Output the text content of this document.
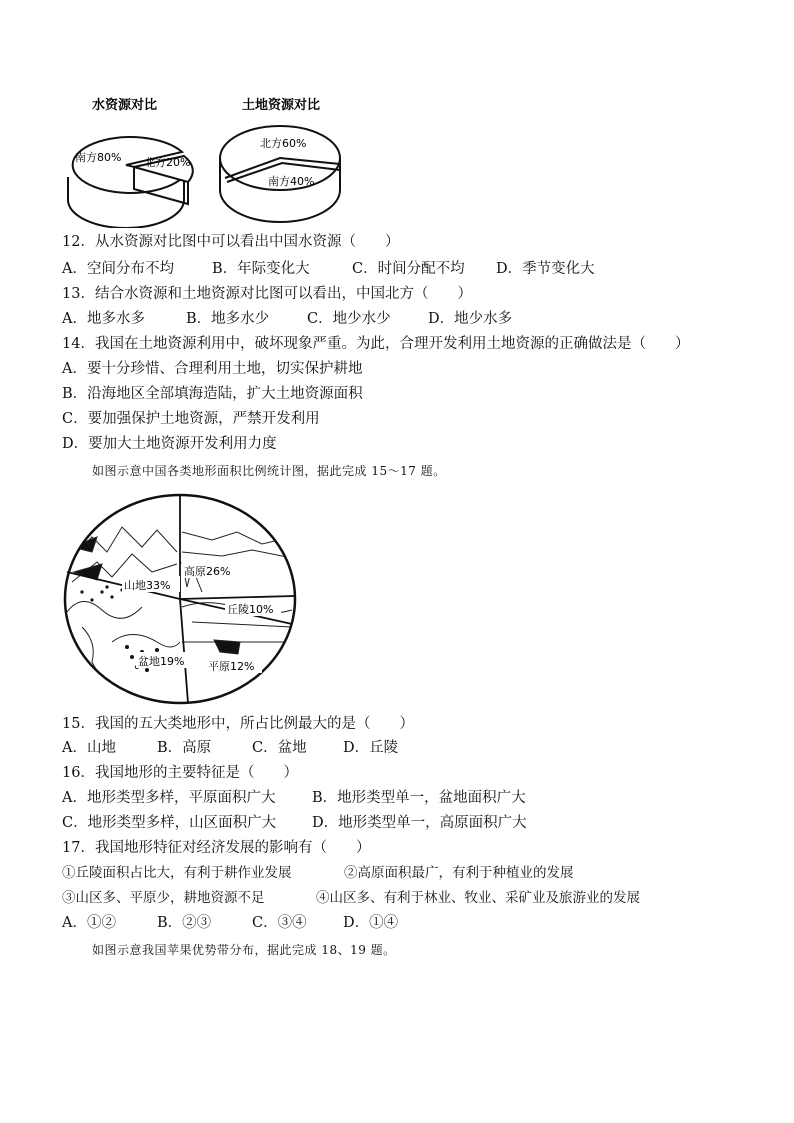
水资源对比
南方80% 北方20%
土地资源对比
北方60%
南方40%
12．从水资源对比图中可以看出中国水资源（　　）
A．空间分布不均	B．年际变化大	C．时间分配不均 D．季节变化大
13．结合水资源和土地资源对比图可以看出，中国北方（　　）
A．地多水多	B．地多水少	C．地少水少	D．地少水多
14．我国在土地资源利用中，破坏现象严重。为此，合理开发利用土地资源的正确做法是（　　）
A．要十分珍惜、合理利用土地，切实保护耕地
B．沿海地区全部填海造陆，扩大土地资源面积
C．要加强保护土地资源，严禁开发利用
D．要加大土地资源开发利用力度
如图示意中国各类地形面积比例统计图，据此完成 15～17 题。
山地33%
高原26%
丘陵10%
盆地19% 平原12%
15．我国的五大类地形中，所占比例最大的是（　　）
A．山地	B．高原	C．盆地	D．丘陵
16．我国地形的主要特征是（　　）
A．地形类型多样，平原面积广大	B．地形类型单一，盆地面积广大
C．地形类型多样，山区面积广大 D．地形类型单一，高原面积广大
17．我国地形特征对经济发展的影响有（　　）
①丘陵面积占比大，有利于耕作业发展	②高原面积最广，有利于种植业的发展
③山区多、平原少，耕地资源不足	④山区多、有利于林业、牧业、采矿业及旅游业的发展
A．①②	B．②③	C．③④	D．①④
如图示意我国苹果优势带分布，据此完成 18、19 题。
